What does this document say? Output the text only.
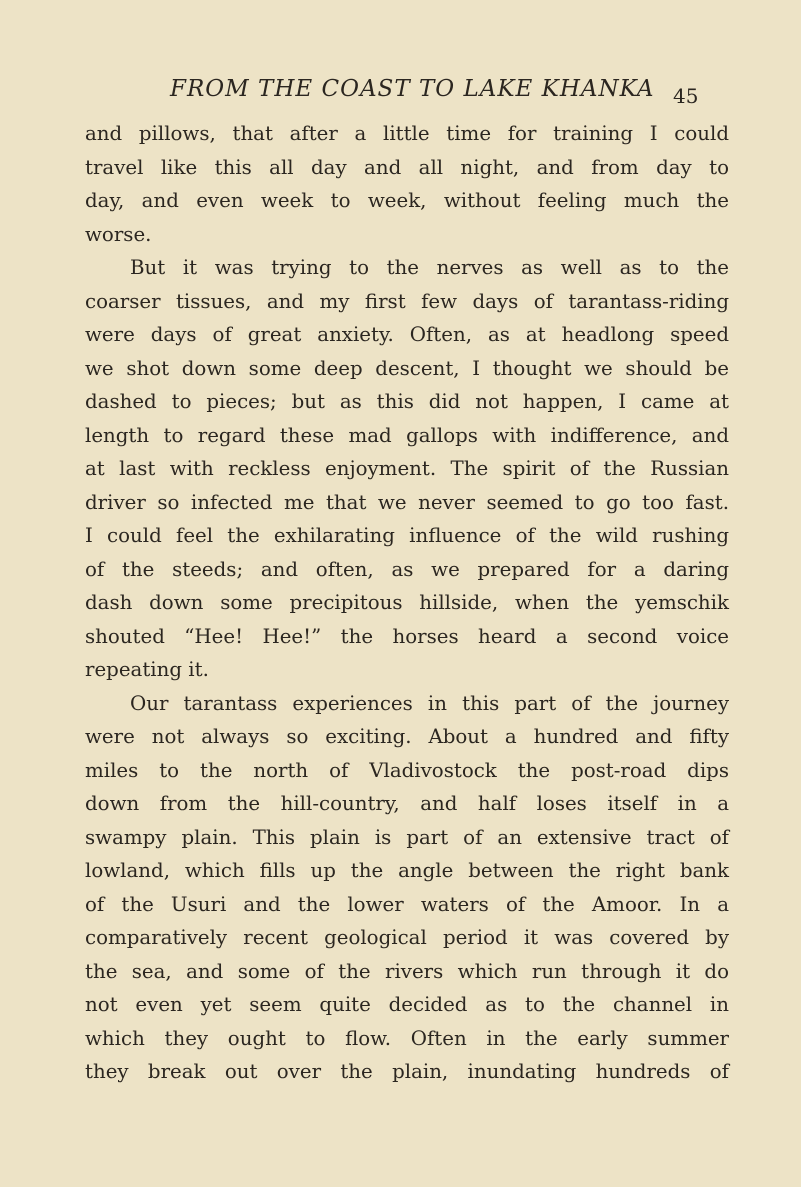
FROM THE COAST TO LAKE KHANKA 45
and pillows, that after a little time for training I could
travel like this all day and all night, and from day to
day, and even week to week, without feeling much the
worse.
But it was trying to the nerves as well as to the
coarser tissues, and my first few days of tarantass-riding
were days of great anxiety. Often, as at headlong speed
we shot down some deep descent, I thought we should be
dashed to pieces; but as this did not happen, I came at
length to regard these mad gallops with indifference, and
at last with reckless enjoyment. The spirit of the Russian
driver so infected me that we never seemed to go too fast.
I could feel the exhilarating influence of the wild rushing
of the steeds; and often, as we prepared for a daring
dash down some precipitous hillside, when the yemschik
shouted “Hee! Hee!” the horses heard a second voice
repeating it.
Our tarantass experiences in this part of the journey
were not always so exciting. About a hundred and fifty
miles to the north of Vladivostock the post-road dips
down from the hill-country, and half loses itself in a
swampy plain. This plain is part of an extensive tract of
lowland, which fills up the angle between the right bank
of the Usuri and the lower waters of the Amoor. In a
comparatively recent geological period it was covered by
the sea, and some of the rivers which run through it do
not even yet seem quite decided as to the channel in
which they ought to flow. Often in the early summer
they break out over the plain, inundating hundreds of
